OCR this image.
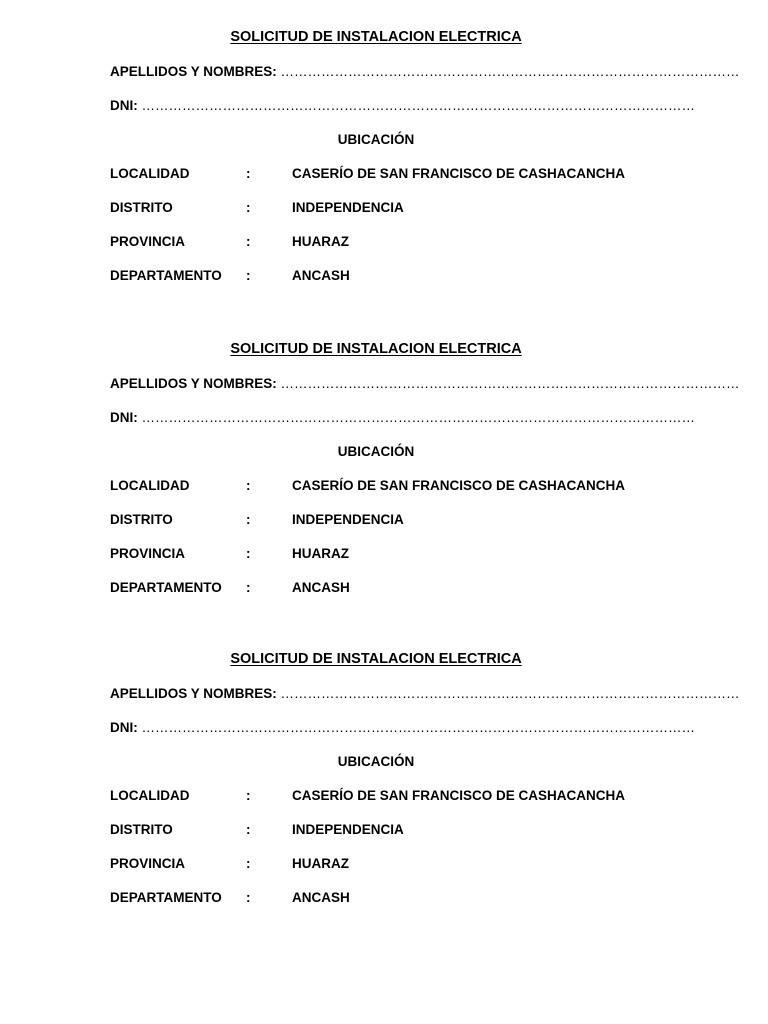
SOLICITUD DE INSTALACION ELECTRICA
APELLIDOS Y NOMBRES: …………………………………………………………………………………………
DNI: ……………………………………………………………………………………………………………
UBICACIÓN
LOCALIDAD	:	CASERÍO DE SAN FRANCISCO DE CASHACANCHA
DISTRITO	:	INDEPENDENCIA
PROVINCIA	:	HUARAZ
DEPARTAMENTO :	ANCASH
SOLICITUD DE INSTALACION ELECTRICA
APELLIDOS Y NOMBRES: …………………………………………………………………………………………
DNI: ……………………………………………………………………………………………………………
UBICACIÓN
LOCALIDAD	:	CASERÍO DE SAN FRANCISCO DE CASHACANCHA
DISTRITO	:	INDEPENDENCIA
PROVINCIA	:	HUARAZ
DEPARTAMENTO :	ANCASH
SOLICITUD DE INSTALACION ELECTRICA
APELLIDOS Y NOMBRES: …………………………………………………………………………………………
DNI: ……………………………………………………………………………………………………………
UBICACIÓN
LOCALIDAD	:	CASERÍO DE SAN FRANCISCO DE CASHACANCHA
DISTRITO	:	INDEPENDENCIA
PROVINCIA	:	HUARAZ
DEPARTAMENTO :	ANCASH
